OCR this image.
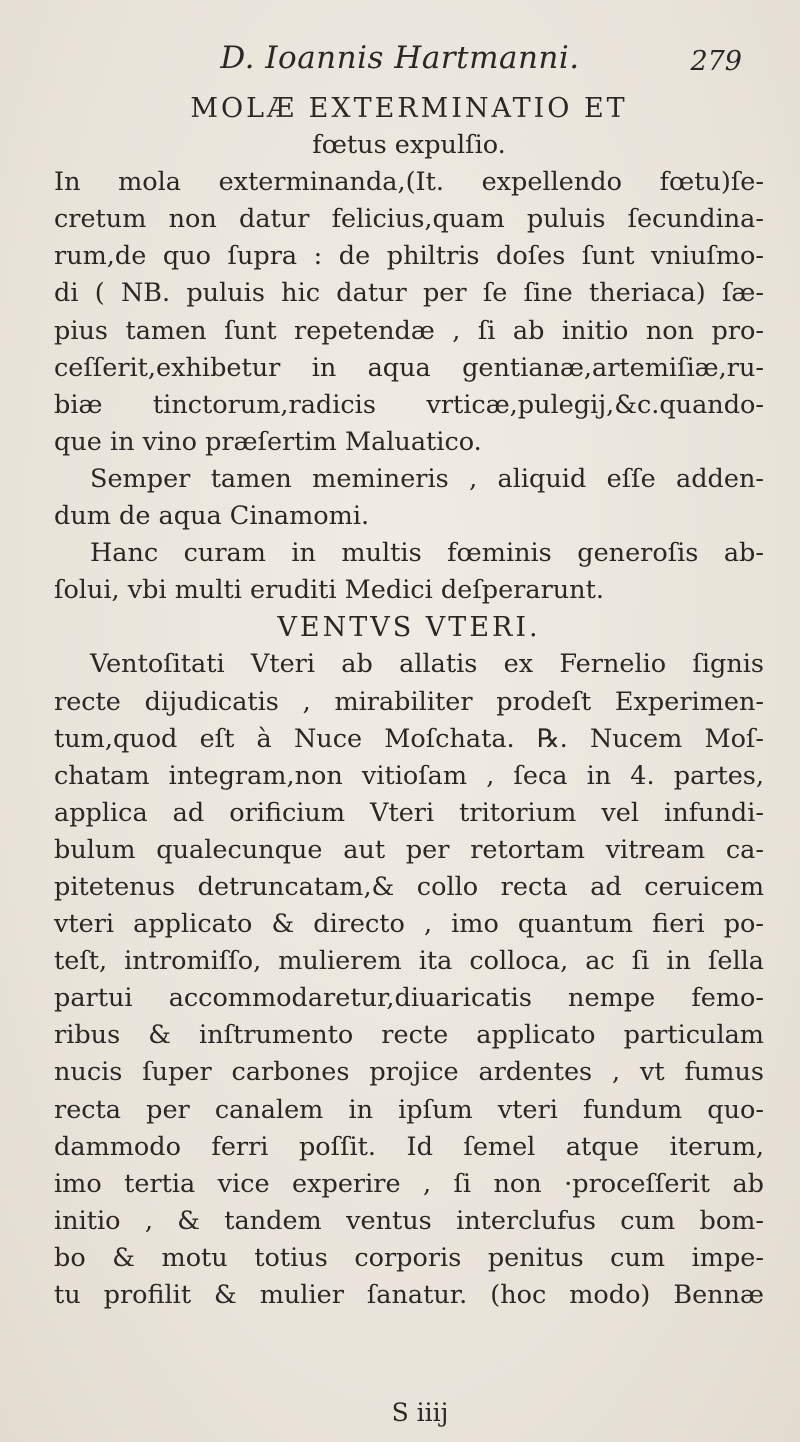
D. Ioannis Hartmanni.	279
MOLÆ EXTERMINATIO ET
fœtus expulſio.
In mola exterminanda,(It. expellendo fœtu)ſe-
cretum non datur felicius,quam puluis ſecundina-
rum,de quo ſupra : de philtris doſes ſunt vniuſmo-
di ( NB. puluis hic datur per ſe ſine theriaca) ſæ-
pius tamen ſunt repetendæ , ſi ab initio non pro-
ceſſerit,exhibetur in aqua gentianæ,artemiſiæ,ru-
biæ tinctorum,radicis vrticæ,pulegij,&c.quando-
que in vino præſertim Maluatico.
Semper tamen memineris , aliquid eſſe adden-
dum de aqua Cinamomi.
Hanc curam in multis fœminis generoſis ab-
ſolui, vbi multi eruditi Medici deſperarunt.
VENTVS VTERI.
Ventoſitati Vteri ab allatis ex Fernelio ſignis
recte dijudicatis , mirabiliter prodeſt Experimen-
tum,quod eſt à Nuce Moſchata. ℞. Nucem Moſ-
chatam integram,non vitioſam , ſeca in 4. partes,
applica ad orificium Vteri tritorium vel infundi-
bulum qualecunque aut per retortam vitream ca-
pitetenus detruncatam,& collo recta ad ceruicem
vteri applicato & directo , imo quantum fieri po-
teſt, intromiſſo, mulierem ita colloca, ac ſi in ſella
partui accommodaretur,diuaricatis nempe femo-
ribus & inſtrumento recte applicato particulam
nucis ſuper carbones projice ardentes , vt fumus
recta per canalem in ipſum vteri fundum quo-
dammodo ferri poſſit. Id ſemel atque iterum,
imo tertia vice experire , ſi non ·proceſſerit ab
initio , & tandem ventus interclufus cum bom-
bo & motu totius corporis penitus cum impe-
tu profilit & mulier ſanatur. (hoc modo) Bennæ
S iiij
